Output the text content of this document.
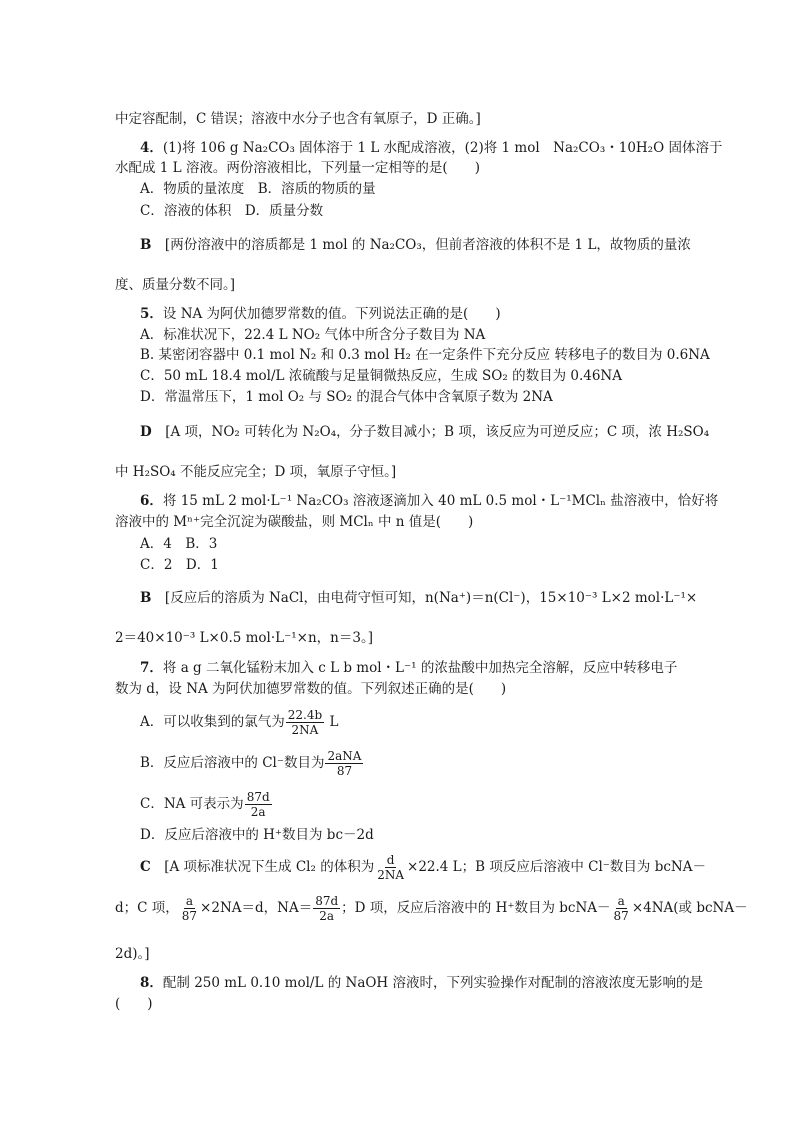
中定容配制，C 错误；溶液中水分子也含有氧原子，D 正确。]
4．(1)将 106 g Na₂CO₃ 固体溶于 1 L 水配成溶液，(2)将 1 mol　Na₂CO₃・10H₂O 固体溶于
水配成 1 L 溶液。两份溶液相比，下列量一定相等的是(　　)
A．物质的量浓度　B．溶质的物质的量
C．溶液的体积　D．质量分数
B　 [两份溶液中的溶质都是 1 mol 的 Na₂CO₃，但前者溶液的体积不是 1 L，故物质的量浓
度、质量分数不同。]
5．设 NA 为阿伏加德罗常数的值。下列说法正确的是(　　)
A．标准状况下，22.4 L NO₂ 气体中所含分子数目为 NA
B. 某密闭容器中 0.1 mol N₂ 和 0.3 mol H₂ 在一定条件下充分反应 转移电子的数目为 0.6NA
C．50 mL 18.4 mol/L 浓硫酸与足量铜微热反应，生成 SO₂ 的数目为 0.46NA
D．常温常压下，1 mol O₂ 与 SO₂ 的混合气体中含氧原子数为 2NA
D　 [A 项，NO₂ 可转化为 N₂O₄，分子数目减小；B 项，该反应为可逆反应；C 项，浓 H₂SO₄
中 H₂SO₄ 不能反应完全；D 项，氧原子守恒。]
6．将 15 mL 2 mol·L⁻¹ Na₂CO₃ 溶液逐滴加入 40 mL 0.5 mol・L⁻¹MClₙ 盐溶液中，恰好将
溶液中的 Mⁿ⁺完全沉淀为碳酸盐，则 MClₙ 中 n 值是(　　)
A．4　B．3
C．2　D．1
B　 [反应后的溶质为 NaCl，由电荷守恒可知，n(Na⁺)＝n(Cl⁻)，15×10⁻³ L×2 mol·L⁻¹×
2＝40×10⁻³ L×0.5 mol·L⁻¹×n，n＝3。]
7．将 a g 二氧化锰粉末加入 c L b mol・L⁻¹ 的浓盐酸中加热完全溶解，反应中转移电子
数为 d，设 NA 为阿伏加德罗常数的值。下列叙述正确的是(　　)
A．可以收集到的氯气为 $\frac{22.4b}{2NA}$ L
B．反应后溶液中的 Cl⁻数目为 $\frac{\text{2aNA}}{87}$
C．NA 可表示为 $\frac{87d}{2a}$
D．反应后溶液中的 H⁺数目为 bc－2d
C　 [A 项标准状况下生成 Cl₂ 的体积为 $\frac{d}{2NA} \times 22.4$ L；B 项反应后溶液中 Cl⁻数目为 bcNA－
d；C 项， $\frac{a}{87} \times 2NA=d$，$NA= \frac{87d}{2a}$ ；D 项，反应后溶液中的 H⁺数目为 bcNA－ $\frac{a}{87} \times 4NA$(或 bcNA－
2d)。]
8．配制 250 mL 0.10 mol/L 的 NaOH 溶液时，下列实验操作对配制的溶液浓度无影响的是
(　　)
